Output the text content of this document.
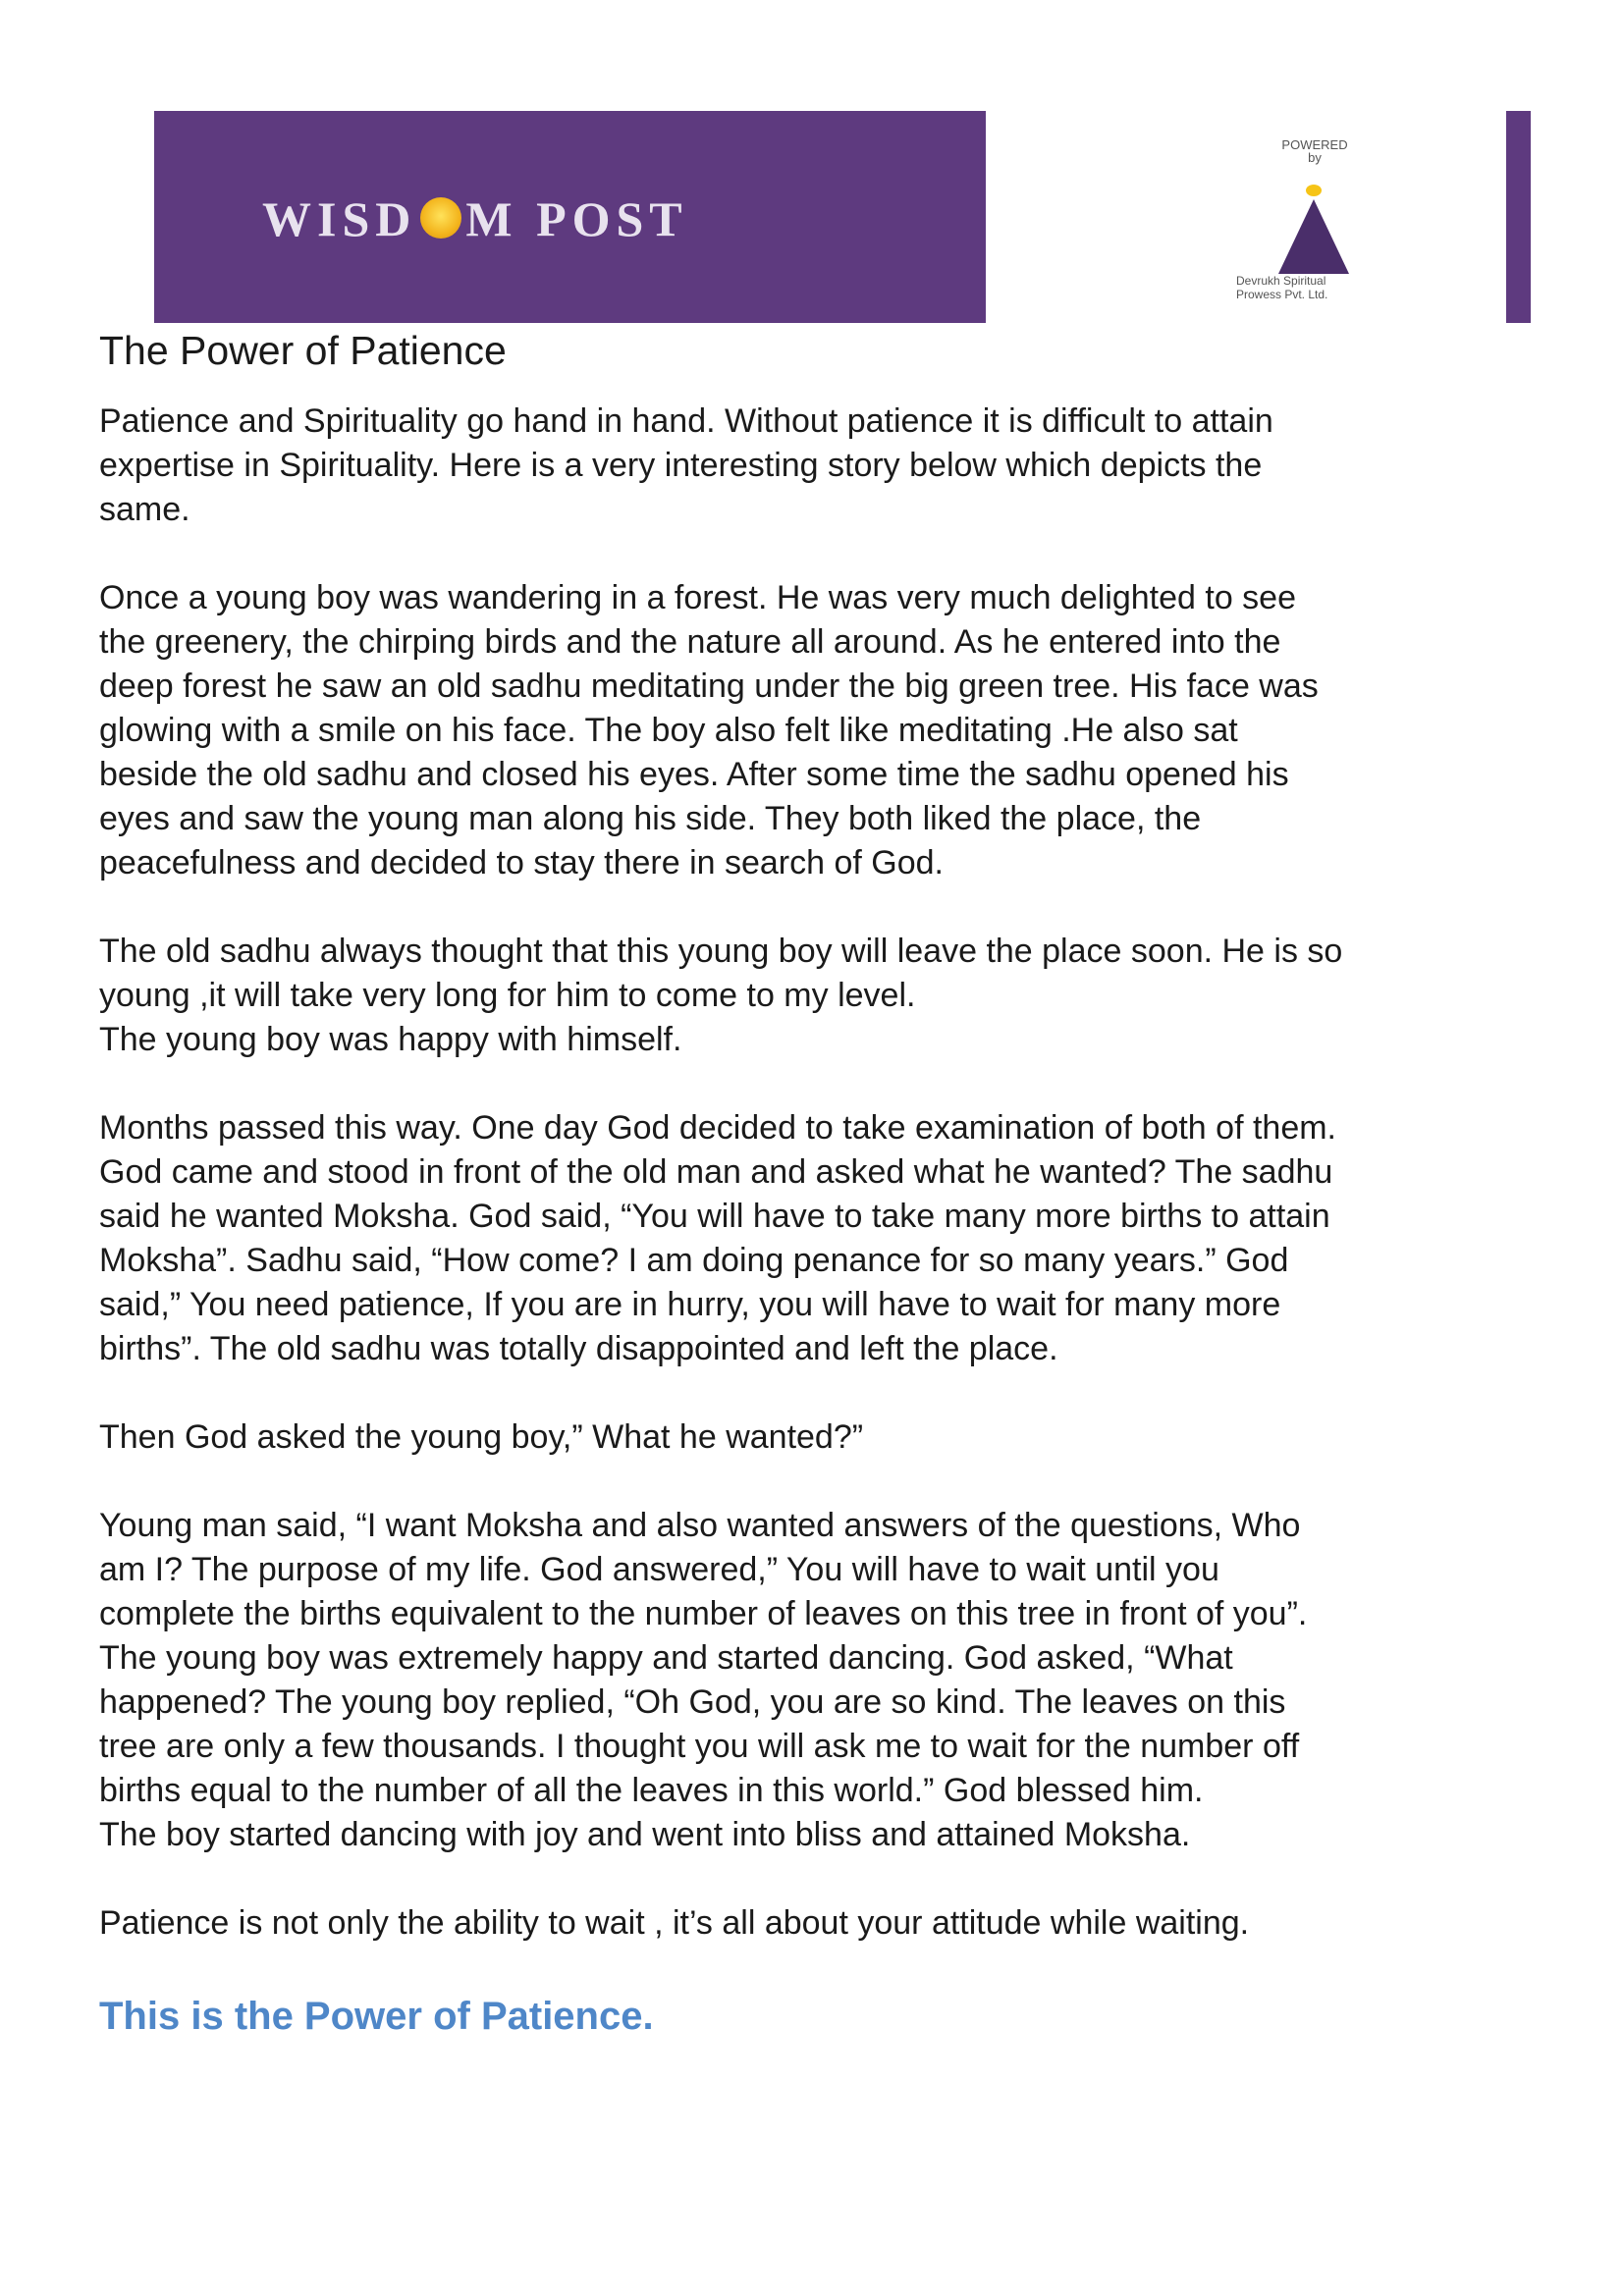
WISD M POST
POWERED
by
Devrukh Spiritual
Prowess Pvt. Ltd.
The Power of Patience

Patience and Spirituality go hand in hand. Without patience it is difficult to attain
expertise in Spirituality. Here is a very interesting story below which depicts the
same.

Once a young boy was wandering in a forest. He was very much delighted to see
the greenery, the chirping birds and the nature all around. As he entered into the
deep forest he saw an old sadhu meditating under the big green tree. His face was
glowing with a smile on his face. The boy also felt like meditating .He also sat
beside the old sadhu and closed his eyes. After some time the sadhu opened his
eyes and saw the young man along his side. They both liked the place, the
peacefulness and decided to stay there in search of God.

The old sadhu always thought that this young boy will leave the place soon. He is so
young ,it will take very long for him to come to my level.
The young boy was happy with himself.

Months passed this way. One day God decided to take examination of both of them.
God came and stood in front of the old man and asked what he wanted? The sadhu
said he wanted Moksha. God said, “You will have to take many more births to attain
Moksha”. Sadhu said, “How come? I am doing penance for so many years.” God
said,” You need patience, If you are in hurry, you will have to wait for many more
births”. The old sadhu was totally disappointed and left the place.

Then God asked the young boy,” What he wanted?”

Young man said, “I want Moksha and also wanted answers of the questions, Who
am I? The purpose of my life. God answered,” You will have to wait until you
complete the births equivalent to the number of leaves on this tree in front of you”.
The young boy was extremely happy and started dancing. God asked, “What
happened? The young boy replied, “Oh God, you are so kind. The leaves on this
tree are only a few thousands. I thought you will ask me to wait for the number off
births equal to the number of all the leaves in this world.” God blessed him.
The boy started dancing with joy and went into bliss and attained Moksha.

Patience is not only the ability to wait , it’s all about your attitude while waiting.

This is the Power of Patience.
